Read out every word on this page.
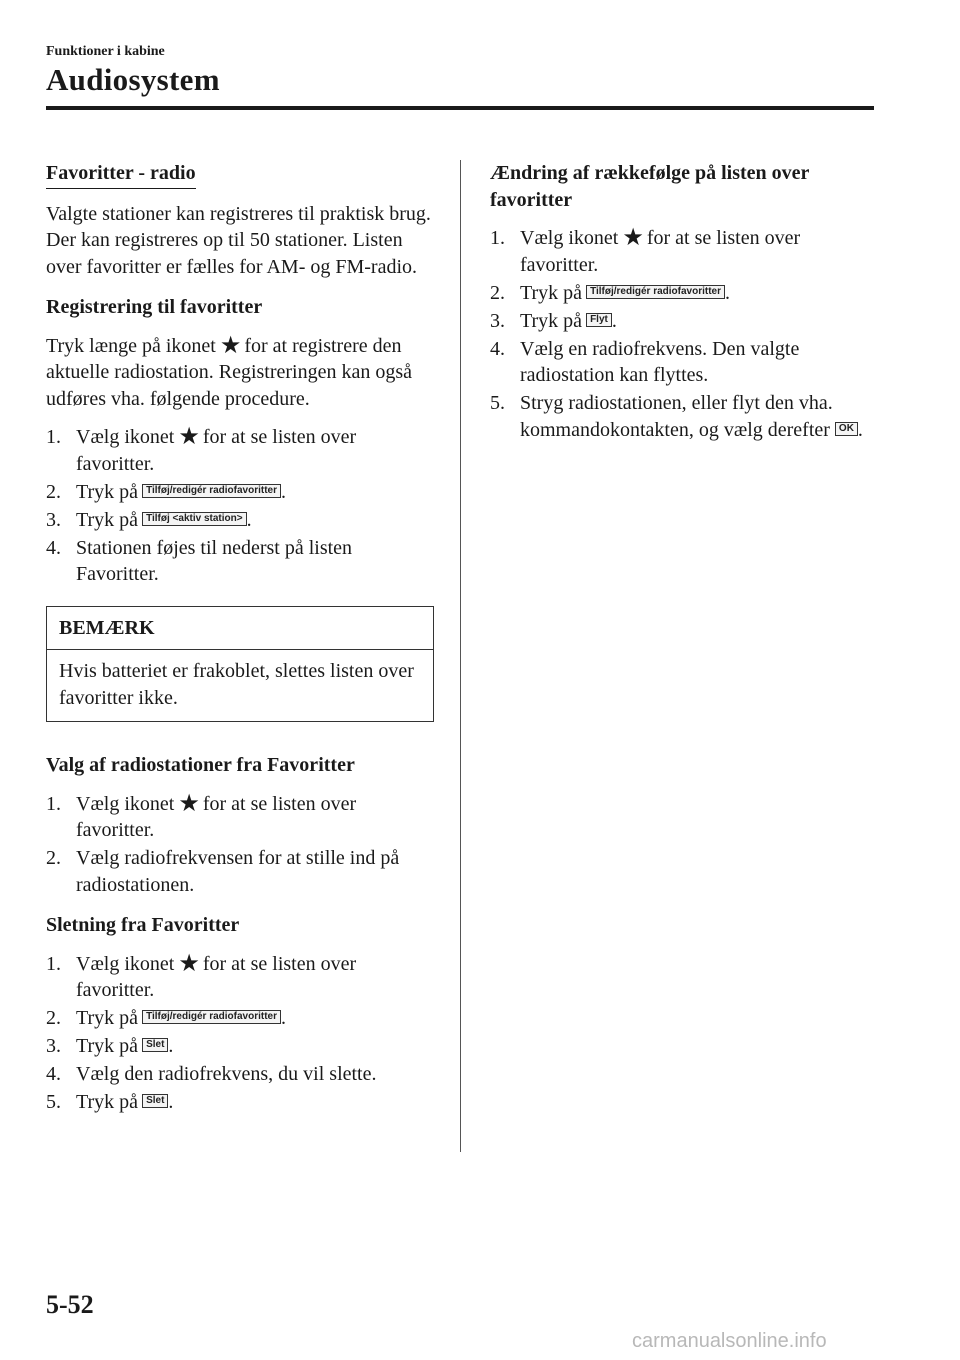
Funktioner i kabine
Audiosystem
Favoritter - radio

Valgte stationer kan registreres til praktisk brug. Der kan registreres op til 50 stationer. Listen over favoritter er fælles for AM- og FM-radio.

Registrering til favoritter

Tryk længe på ikonet ★ for at registrere den aktuelle radiostation. Registreringen kan også udføres vha. følgende procedure.

1. Vælg ikonet ★ for at se listen over favoritter.
2. Tryk på Tilføj/redigér radiofavoritter .
3. Tryk på Tilføj <aktiv station> .
4. Stationen føjes til nederst på listen Favoritter.
BEMÆRK
Hvis batteriet er frakoblet, slettes listen over favoritter ikke.
Valg af radiostationer fra Favoritter
1. Vælg ikonet ★ for at se listen over favoritter.
2. Vælg radiofrekvensen for at stille ind på radiostationen.
Sletning fra Favoritter
1. Vælg ikonet ★ for at se listen over favoritter.
2. Tryk på Tilføj/redigér radiofavoritter .
3. Tryk på Slet .
4. Vælg den radiofrekvens, du vil slette.
5. Tryk på Slet .
Ændring af rækkefølge på listen over favoritter
1. Vælg ikonet ★ for at se listen over favoritter.
2. Tryk på Tilføj/redigér radiofavoritter .
3. Tryk på Flyt .
4. Vælg en radiofrekvens. Den valgte radiostation kan flyttes.
5. Stryg radiostationen, eller flyt den vha. kommandokontakten, og vælg derefter OK .
5-52
carmanualsonline.info
